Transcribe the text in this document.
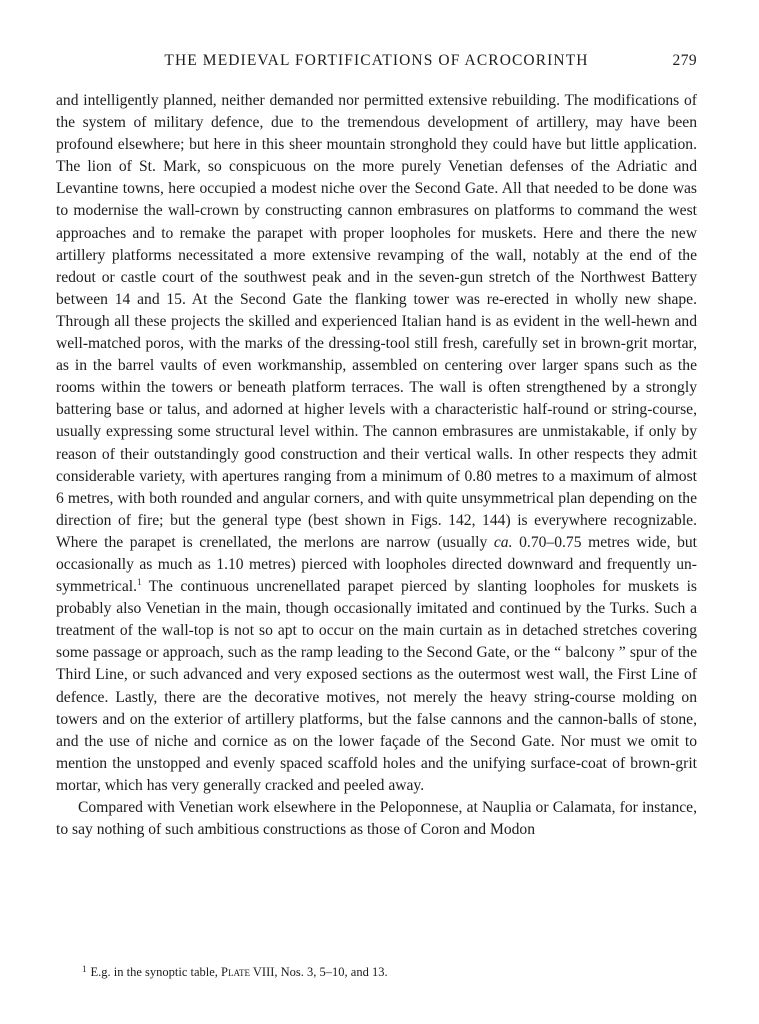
THE MEDIEVAL FORTIFICATIONS OF ACROCORINTH	279

and intelligently planned, neither demanded nor permitted extensive rebuilding. The modifications of the system of military defence, due to the tremendous development of artillery, may have been profound elsewhere; but here in this sheer mountain stronghold they could have but little application. The lion of St. Mark, so conspicuous on the more purely Venetian defenses of the Adriatic and Levantine towns, here occupied a modest niche over the Second Gate. All that needed to be done was to modernise the wall-crown by constructing cannon embrasures on platforms to command the west approaches and to remake the parapet with proper loopholes for muskets. Here and there the new artillery platforms necessitated a more extensive revamping of the wall, notably at the end of the redout or castle court of the southwest peak and in the seven-gun stretch of the Northwest Battery between 14 and 15. At the Second Gate the flanking tower was re-erected in wholly new shape. Through all these projects the skilled and experienced Italian hand is as evident in the well-hewn and well-matched poros, with the marks of the dressing-tool still fresh, carefully set in brown-grit mortar, as in the barrel vaults of even workmanship, assembled on centering over larger spans such as the rooms within the towers or beneath platform terraces. The wall is often strengthened by a strongly battering base or talus, and adorned at higher levels with a characteristic half-round or string-course, usually expressing some structural level within. The cannon embrasures are unmistakable, if only by reason of their outstandingly good construction and their vertical walls. In other respects they admit considerable variety, with apertures ranging from a minimum of 0.80 metres to a maximum of almost 6 metres, with both rounded and angular corners, and with quite unsymmetrical plan depending on the direction of fire; but the general type (best shown in Figs. 142, 144) is everywhere recognizable. Where the parapet is crenellated, the merlons are narrow (usually ca. 0.70–0.75 metres wide, but occasionally as much as 1.10 metres) pierced with loopholes directed downward and frequently unsymmetrical.$^1$ The continuous uncrenellated parapet pierced by slanting loopholes for muskets is probably also Venetian in the main, though occasionally imitated and continued by the Turks. Such a treatment of the wall-top is not so apt to occur on the main curtain as in detached stretches covering some passage or approach, such as the ramp leading to the Second Gate, or the “ balcony ” spur of the Third Line, or such advanced and very exposed sections as the outermost west wall, the First Line of defence. Lastly, there are the decorative motives, not merely the heavy string-course molding on towers and on the exterior of artillery platforms, but the false cannons and the cannon-balls of stone, and the use of niche and cornice as on the lower façade of the Second Gate. Nor must we omit to mention the unstopped and evenly spaced scaffold holes and the unifying surface-coat of brown-grit mortar, which has very generally cracked and peeled away.

Compared with Venetian work elsewhere in the Peloponnese, at Nauplia or Calamata, for instance, to say nothing of such ambitious constructions as those of Coron and Modon

$^1$ E.g. in the synoptic table, Plate VIII, Nos. 3, 5–10, and 13.
